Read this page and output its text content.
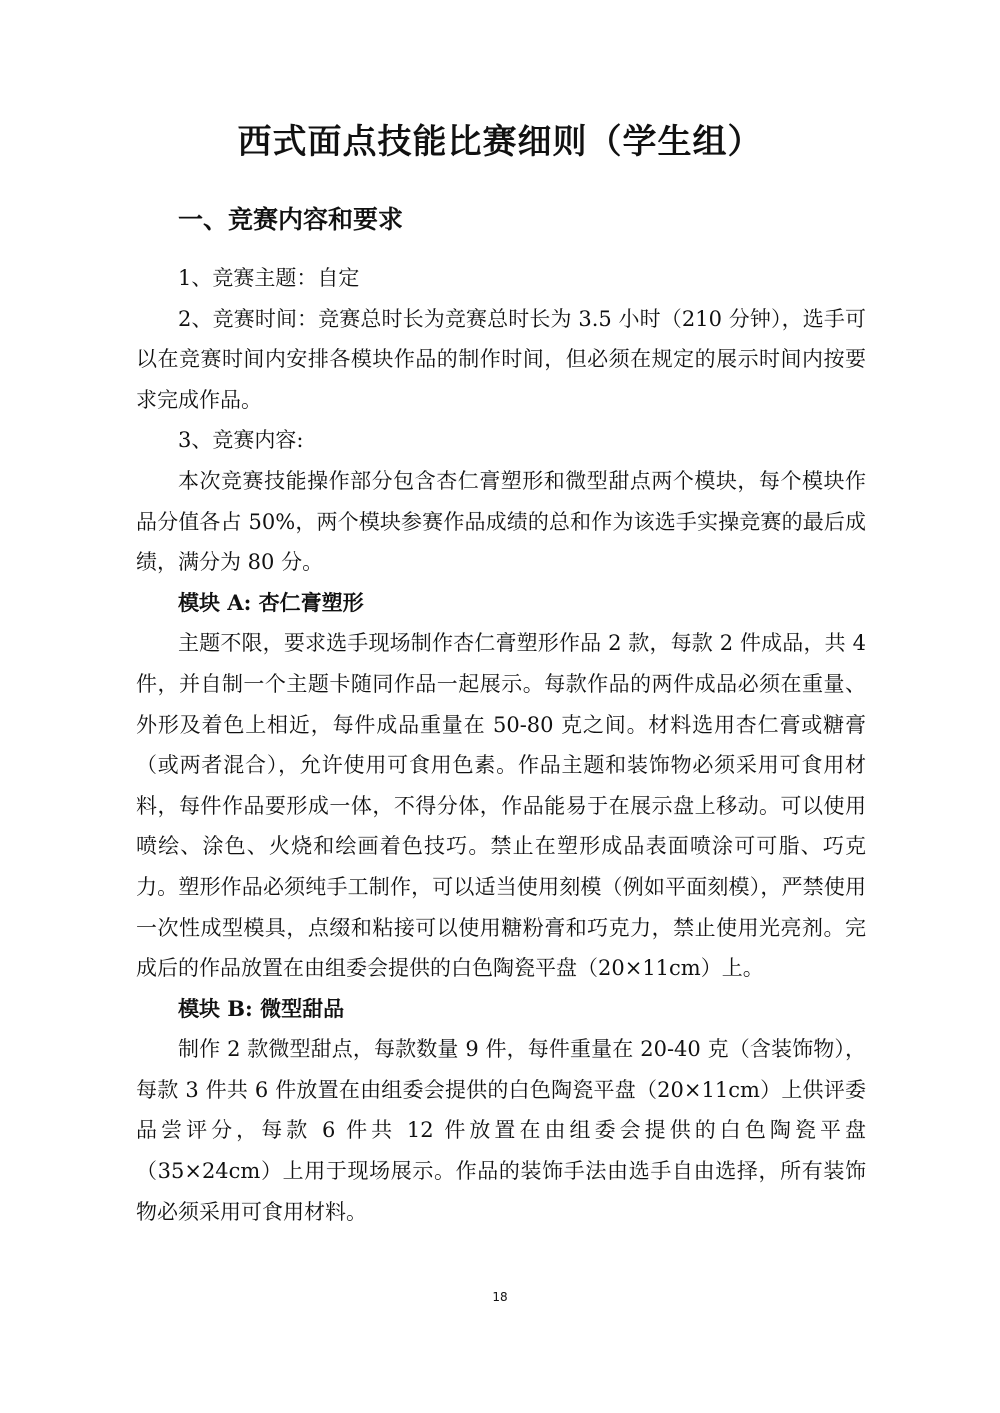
西式面点技能比赛细则（学生组）
一、竞赛内容和要求

1、竞赛主题：自定

2、竞赛时间：竞赛总时长为竞赛总时长为 3.5 小时（210 分钟），选手可以在竞赛时间内安排各模块作品的制作时间，但必须在规定的展示时间内按要求完成作品。

3、竞赛内容:

本次竞赛技能操作部分包含杏仁膏塑形和微型甜点两个模块，每个模块作品分值各占 50%，两个模块参赛作品成绩的总和作为该选手实操竞赛的最后成绩，满分为 80 分。

模块 A: 杏仁膏塑形

主题不限，要求选手现场制作杏仁膏塑形作品 2 款，每款 2 件成品，共 4 件，并自制一个主题卡随同作品一起展示。每款作品的两件成品必须在重量、外形及着色上相近，每件成品重量在 50-80 克之间。材料选用杏仁膏或糖膏（或两者混合），允许使用可食用色素。作品主题和装饰物必须采用可食用材料，每件作品要形成一体，不得分体，作品能易于在展示盘上移动。可以使用喷绘、涂色、火烧和绘画着色技巧。禁止在塑形成品表面喷涂可可脂、巧克力。塑形作品必须纯手工制作，可以适当使用刻模（例如平面刻模），严禁使用一次性成型模具，点缀和粘接可以使用糖粉膏和巧克力，禁止使用光亮剂。完成后的作品放置在由组委会提供的白色陶瓷平盘（20×11cm）上。

模块 B: 微型甜品

制作 2 款微型甜点，每款数量 9 件，每件重量在 20-40 克（含装饰物），每款 3 件共 6 件放置在由组委会提供的白色陶瓷平盘（20×11cm）上供评委品尝评分，每款 6 件共 12 件放置在由组委会提供的白色陶瓷平盘（35×24cm）上用于现场展示。作品的装饰手法由选手自由选择，所有装饰物必须采用可食用材料。

18
